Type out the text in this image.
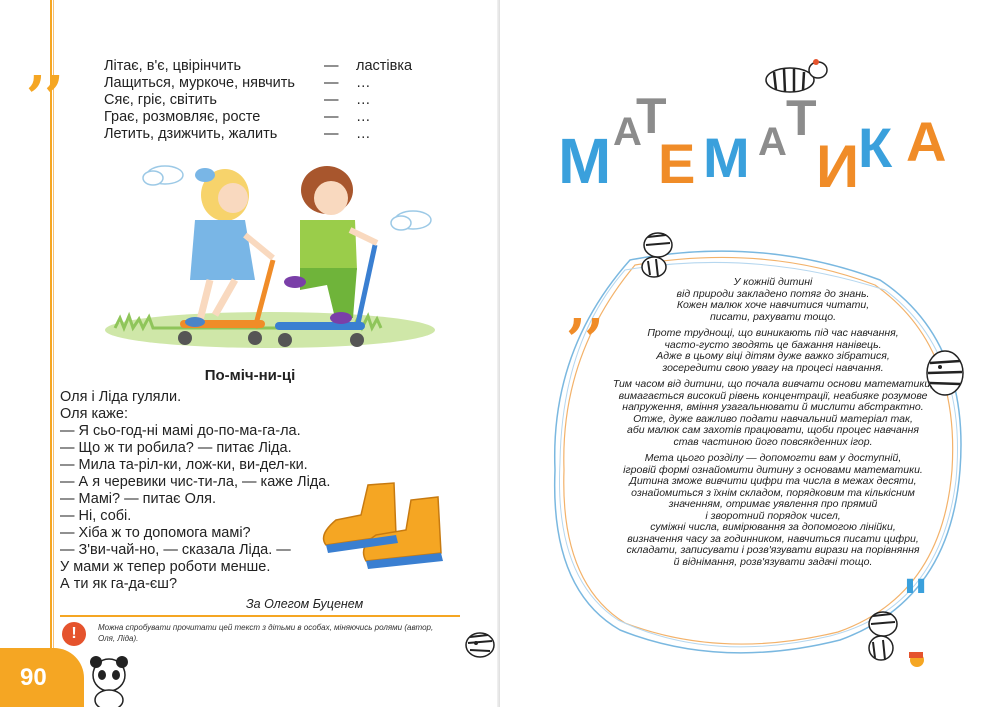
,,	Літає, в'є, цвірінчить	— ластівка
Лащиться, муркоче, нявчить — …
Сяє, гріє, світить	— …
Грає, розмовляє, росте	— …
Летить, дзижчить, жалить	— …
По-міч-ни-ці
Оля і Ліда гуляли.
Оля каже:
— Я сьо-год-ні мамі до-по-ма-га-ла.
— Що ж ти робила? — питає Ліда.
— Мила та-ріл-ки, лож-ки, ви-дел-ки.
— А я черевики чис-ти-ла, — каже Ліда.
— Мамі? — питає Оля.
— Ні, собі.
— Хіба ж то допомога мамі?
— З'ви-чай-но, — сказала Ліда. —
У мами ж тепер роботи менше.
А ти як га-да-єш?
За Олегом Буценем
!	Можна спробувати прочитати цей текст з дітьми в особах, міняючись ролями (автор, Оля, Ліда).
90
М А
Т
Е М А Т
И
К А
,,
"

У кожній дитині
від природи закладено потяг до знань.
Кожен малюк хоче навчитися читати,
писати, рахувати тощо.

Проте труднощі, що виникають під час навчання,
часто-густо зводять це бажання нанівець.
Адже в цьому віці дітям дуже важко зібратися,
зосередити свою увагу на процесі навчання.

Тим часом від дитини, що почала вивчати основи математики,
вимагається високий рівень концентрації, неабияке розумове
напруження, вміння узагальнювати й мислити абстрактно.
Отже, дуже важливо подати навчальний матеріал так,
аби малюк сам захотів працювати, щоби процес навчання
став частиною його повсякденних ігор.

Мета цього розділу — допомогти вам у доступній,
ігровій формі ознайомити дитину з основами математики.
Дитина зможе вивчити цифри та числа в межах десяти,
ознайомиться з їхнім складом, порядковим та кількісним
значенням, отримає уявлення про прямий
і зворотний порядок чисел,
суміжні числа, вимірювання за допомогою лінійки,
визначення часу за годинником, навчиться писати цифри,
складати, записувати і розв'язувати вирази на порівняння
й віднімання, розв'язувати задачі тощо.
